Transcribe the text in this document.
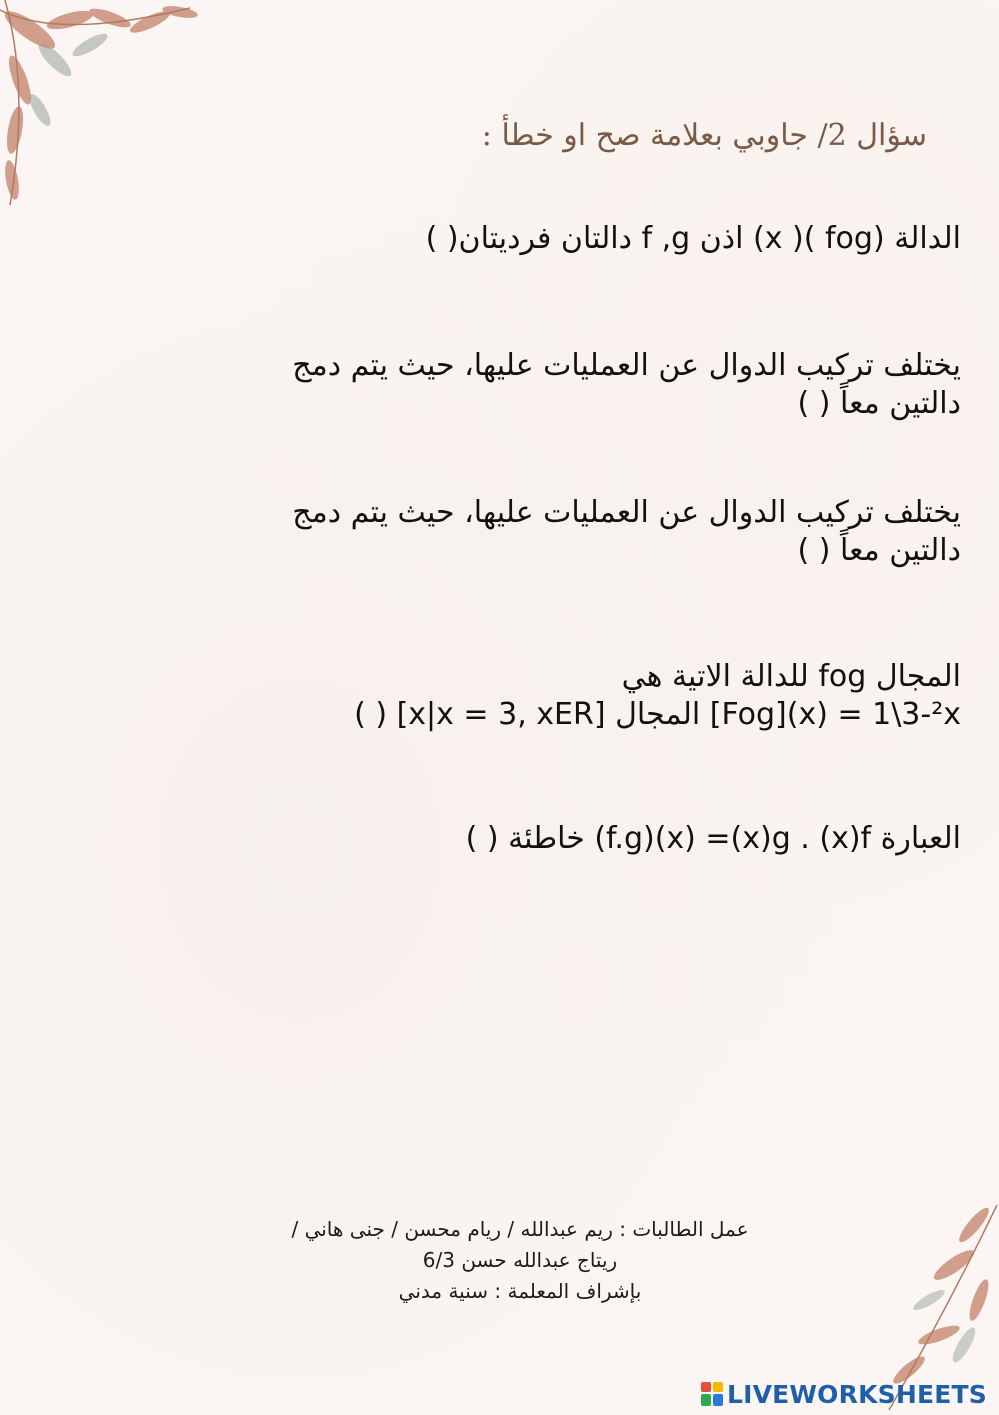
سؤال 2/ جاوبي بعلامة صح او خطأ :
الدالة (x )( fog) اذن f ,g دالتان فرديتان( )
يختلف تركيب الدوال عن العمليات عليها، حيث يتم دمج
دالتين معاً ( )
يختلف تركيب الدوال عن العمليات عليها، حيث يتم دمج
دالتين معاً ( )
المجال fog للدالة الاتية هي
[Fog](x) = 1\3-²x المجال [x|x = 3, xER] ( )
العبارة (f.g)(x) =(x)g . (x)f خاطئة ( )
عمل الطالبات : ريم عبدالله / ريام محسن / جنى هاني /
ريتاج عبدالله حسن 6/3
بإشراف المعلمة : سنية مدني
LIVEWORKSHEETS
